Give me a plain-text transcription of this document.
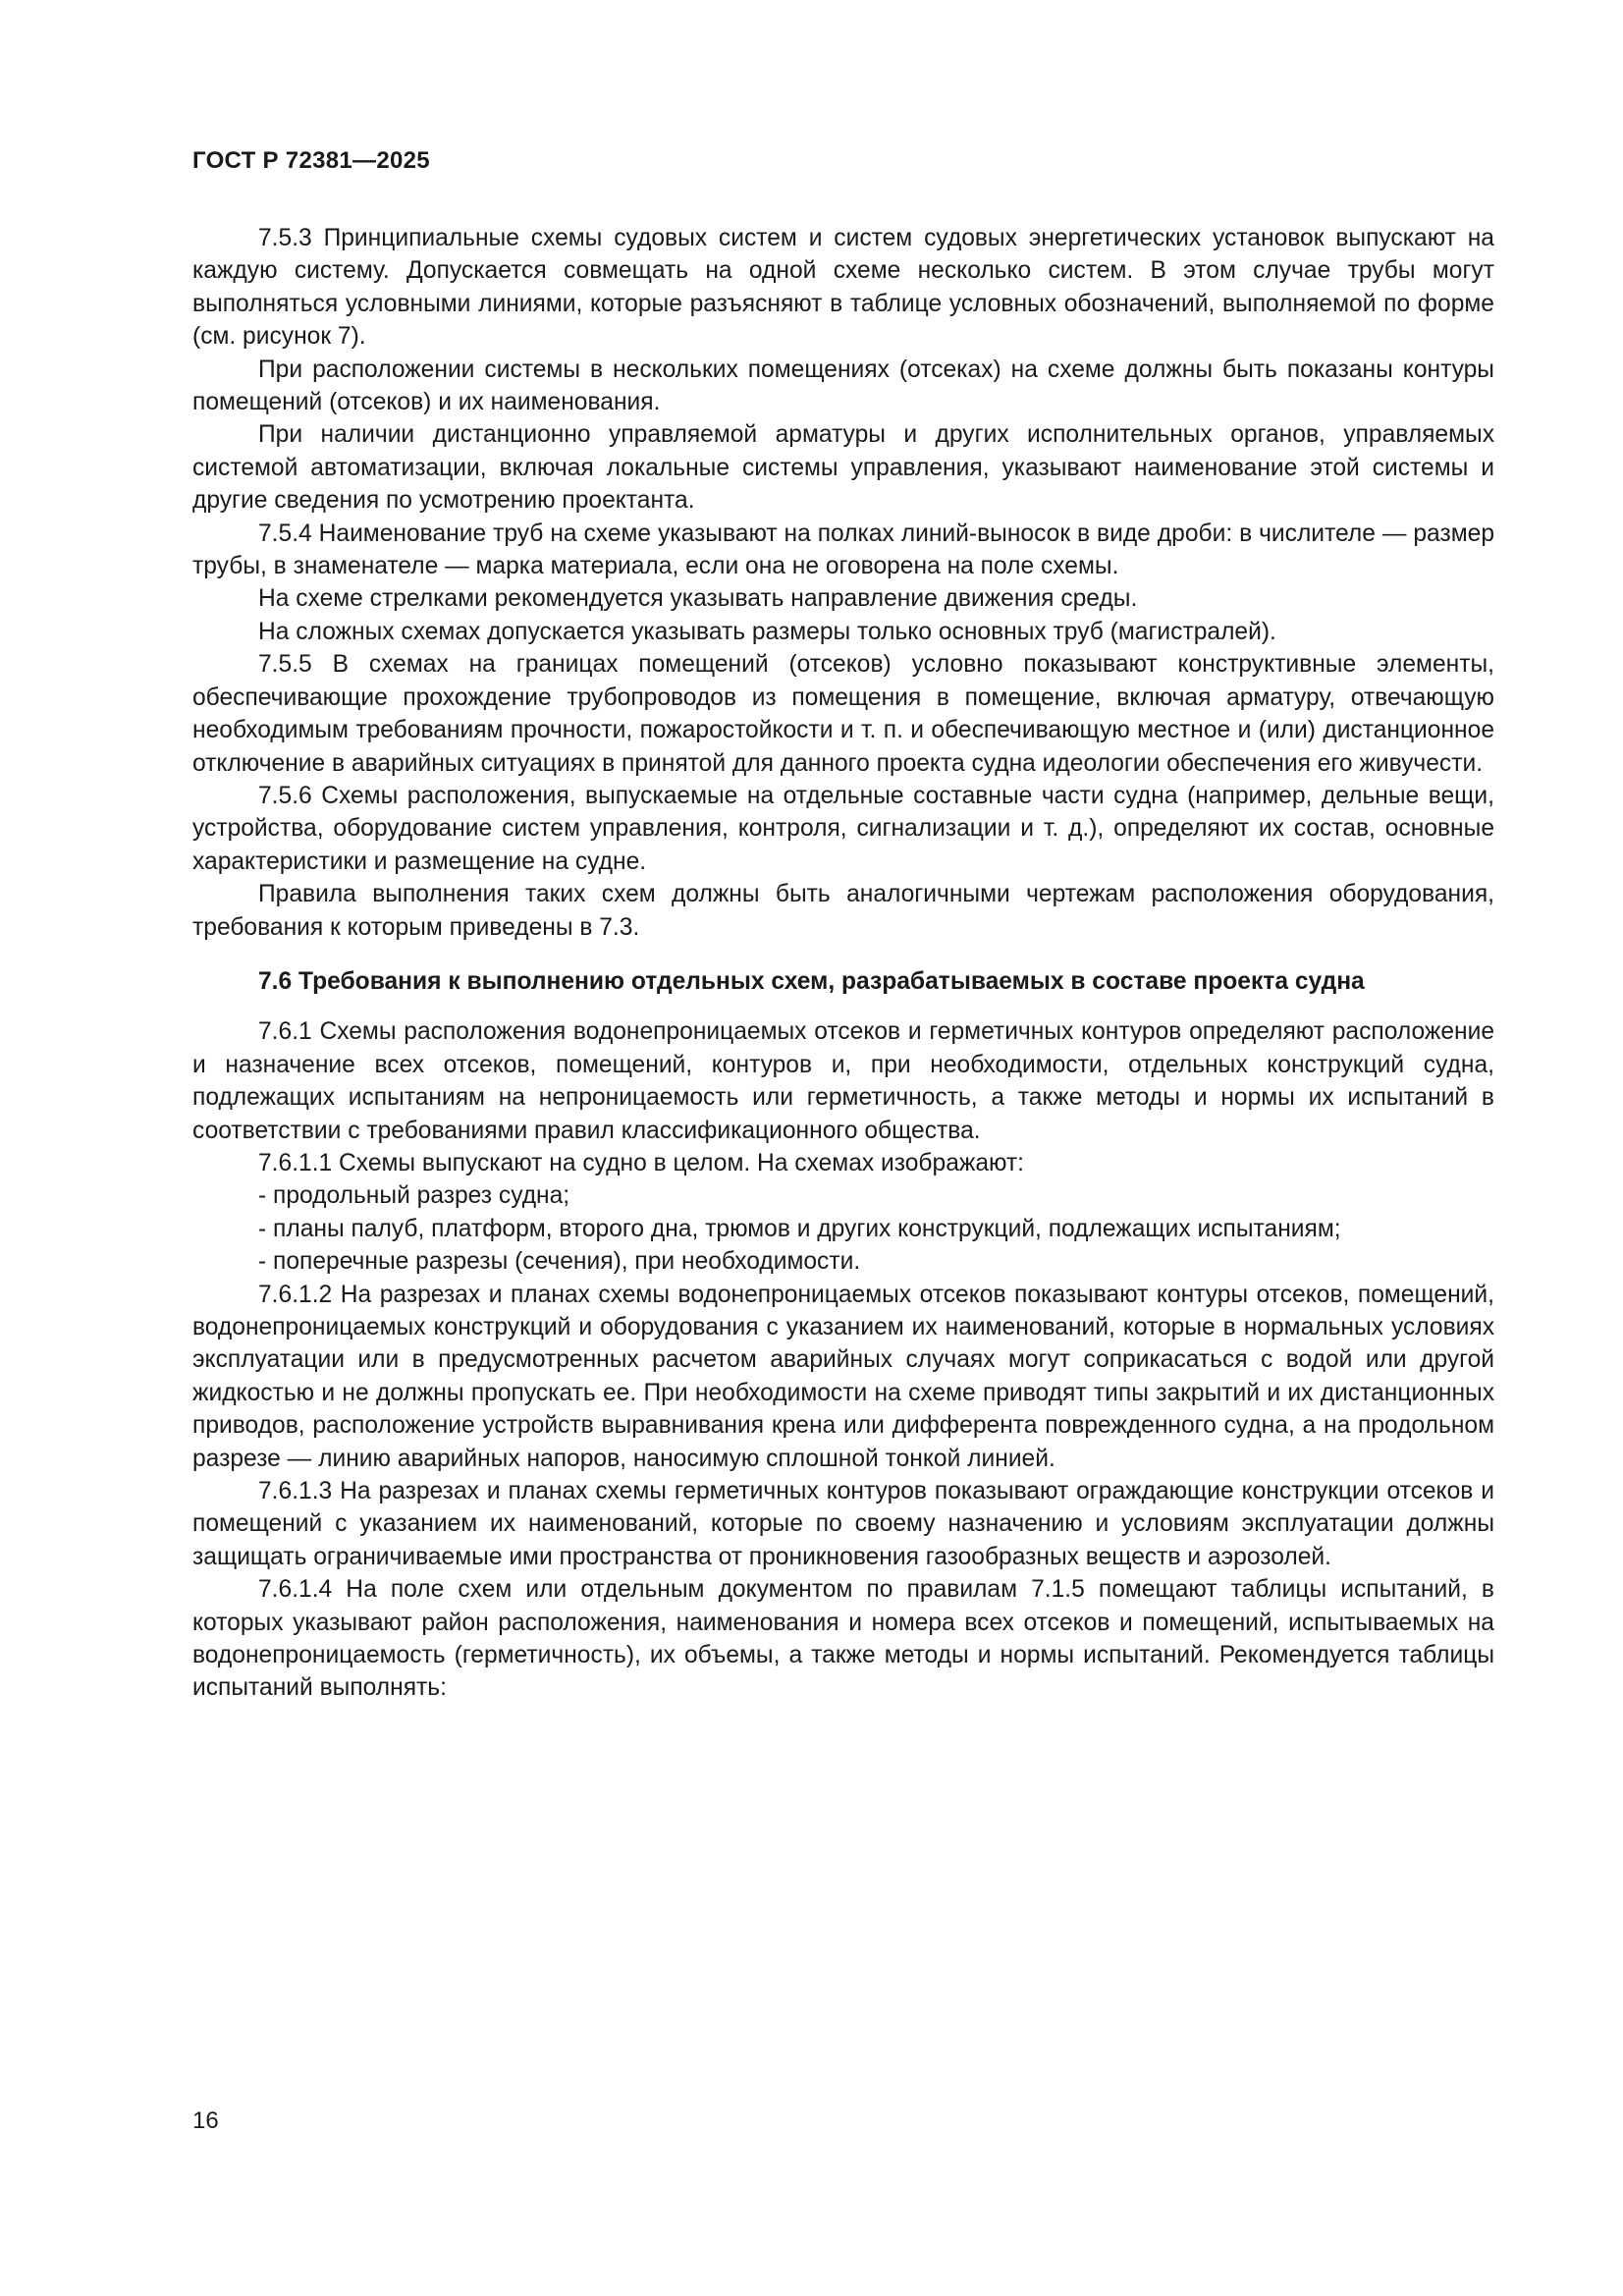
ГОСТ Р 72381—2025

7.5.3 Принципиальные схемы судовых систем и систем судовых энергетических установок выпускают на каждую систему. Допускается совмещать на одной схеме несколько систем. В этом случае трубы могут выполняться условными линиями, которые разъясняют в таблице условных обозначений, выполняемой по форме (см. рисунок 7).

При расположении системы в нескольких помещениях (отсеках) на схеме должны быть показаны контуры помещений (отсеков) и их наименования.

При наличии дистанционно управляемой арматуры и других исполнительных органов, управляемых системой автоматизации, включая локальные системы управления, указывают наименование этой системы и другие сведения по усмотрению проектанта.

7.5.4 Наименование труб на схеме указывают на полках линий-выносок в виде дроби: в числителе — размер трубы, в знаменателе — марка материала, если она не оговорена на поле схемы.

На схеме стрелками рекомендуется указывать направление движения среды.

На сложных схемах допускается указывать размеры только основных труб (магистралей).

7.5.5 В схемах на границах помещений (отсеков) условно показывают конструктивные элементы, обеспечивающие прохождение трубопроводов из помещения в помещение, включая арматуру, отвечающую необходимым требованиям прочности, пожаростойкости и т. п. и обеспечивающую местное и (или) дистанционное отключение в аварийных ситуациях в принятой для данного проекта судна идеологии обеспечения его живучести.

7.5.6 Схемы расположения, выпускаемые на отдельные составные части судна (например, дельные вещи, устройства, оборудование систем управления, контроля, сигнализации и т. д.), определяют их состав, основные характеристики и размещение на судне.

Правила выполнения таких схем должны быть аналогичными чертежам расположения оборудования, требования к которым приведены в 7.3.

7.6 Требования к выполнению отдельных схем, разрабатываемых в составе проекта судна

7.6.1 Схемы расположения водонепроницаемых отсеков и герметичных контуров определяют расположение и назначение всех отсеков, помещений, контуров и, при необходимости, отдельных конструкций судна, подлежащих испытаниям на непроницаемость или герметичность, а также методы и нормы их испытаний в соответствии с требованиями правил классификационного общества.

7.6.1.1 Схемы выпускают на судно в целом. На схемах изображают:

- продольный разрез судна;

- планы палуб, платформ, второго дна, трюмов и других конструкций, подлежащих испытаниям;

- поперечные разрезы (сечения), при необходимости.

7.6.1.2 На разрезах и планах схемы водонепроницаемых отсеков показывают контуры отсеков, помещений, водонепроницаемых конструкций и оборудования с указанием их наименований, которые в нормальных условиях эксплуатации или в предусмотренных расчетом аварийных случаях могут соприкасаться с водой или другой жидкостью и не должны пропускать ее. При необходимости на схеме приводят типы закрытий и их дистанционных приводов, расположение устройств выравнивания крена или дифферента поврежденного судна, а на продольном разрезе — линию аварийных напоров, наносимую сплошной тонкой линией.

7.6.1.3 На разрезах и планах схемы герметичных контуров показывают ограждающие конструкции отсеков и помещений с указанием их наименований, которые по своему назначению и условиям эксплуатации должны защищать ограничиваемые ими пространства от проникновения газообразных веществ и аэрозолей.

7.6.1.4 На поле схем или отдельным документом по правилам 7.1.5 помещают таблицы испытаний, в которых указывают район расположения, наименования и номера всех отсеков и помещений, испытываемых на водонепроницаемость (герметичность), их объемы, а также методы и нормы испытаний. Рекомендуется таблицы испытаний выполнять:

16
